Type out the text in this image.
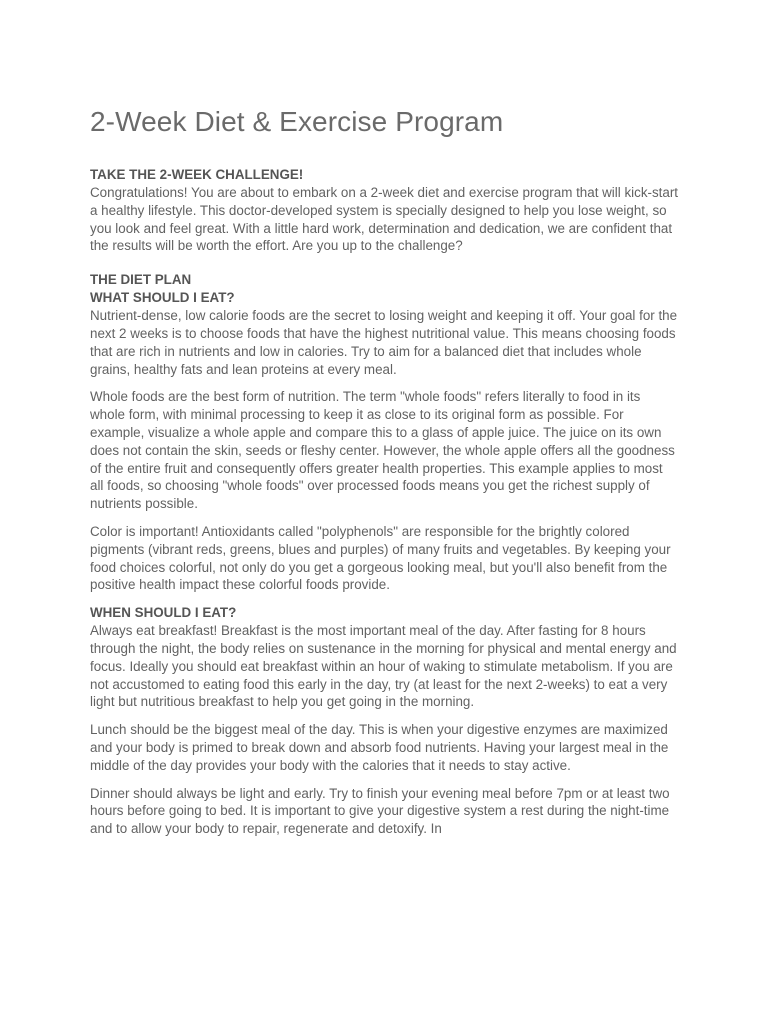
2-Week Diet & Exercise Program

TAKE THE 2-WEEK CHALLENGE!

Congratulations! You are about to embark on a 2-week diet and exercise program that will kick-start a healthy lifestyle. This doctor-developed system is specially designed to help you lose weight, so you look and feel great. With a little hard work, determination and dedication, we are confident that the results will be worth the effort. Are you up to the challenge?

THE DIET PLAN

WHAT SHOULD I EAT?

Nutrient-dense, low calorie foods are the secret to losing weight and keeping it off. Your goal for the next 2 weeks is to choose foods that have the highest nutritional value. This means choosing foods that are rich in nutrients and low in calories. Try to aim for a balanced diet that includes whole grains, healthy fats and lean proteins at every meal.

Whole foods are the best form of nutrition. The term "whole foods" refers literally to food in its whole form, with minimal processing to keep it as close to its original form as possible. For example, visualize a whole apple and compare this to a glass of apple juice. The juice on its own does not contain the skin, seeds or fleshy center. However, the whole apple offers all the goodness of the entire fruit and consequently offers greater health properties. This example applies to most all foods, so choosing "whole foods" over processed foods means you get the richest supply of nutrients possible.

Color is important! Antioxidants called "polyphenols" are responsible for the brightly colored pigments (vibrant reds, greens, blues and purples) of many fruits and vegetables. By keeping your food choices colorful, not only do you get a gorgeous looking meal, but you'll also benefit from the positive health impact these colorful foods provide.

WHEN SHOULD I EAT?

Always eat breakfast! Breakfast is the most important meal of the day. After fasting for 8 hours through the night, the body relies on sustenance in the morning for physical and mental energy and focus. Ideally you should eat breakfast within an hour of waking to stimulate metabolism. If you are not accustomed to eating food this early in the day, try (at least for the next 2-weeks) to eat a very light but nutritious breakfast to help you get going in the morning.

Lunch should be the biggest meal of the day. This is when your digestive enzymes are maximized and your body is primed to break down and absorb food nutrients. Having your largest meal in the middle of the day provides your body with the calories that it needs to stay active.

Dinner should always be light and early. Try to finish your evening meal before 7pm or at least two hours before going to bed. It is important to give your digestive system a rest during the night-time and to allow your body to repair, regenerate and detoxify. In
